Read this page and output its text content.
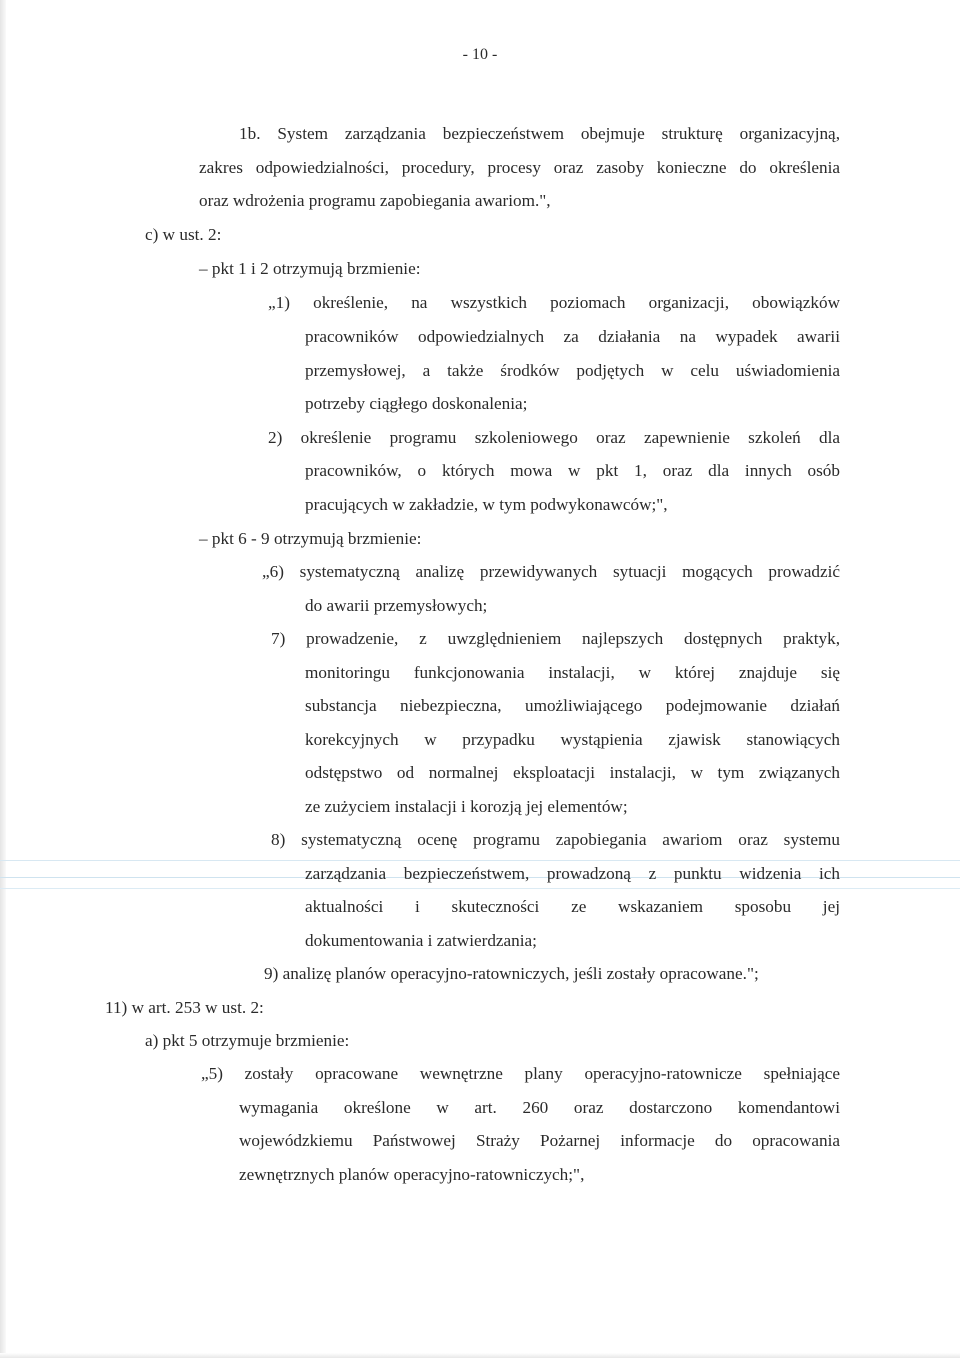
- 10 -
1b. System zarządzania bezpieczeństwem obejmuje strukturę organizacyjną,
zakres odpowiedzialności, procedury, procesy oraz zasoby konieczne do określenia
oraz wdrożenia programu zapobiegania awariom.",
c) w ust. 2:
– pkt 1 i 2 otrzymują brzmienie:
„1) określenie, na wszystkich poziomach organizacji, obowiązków
pracowników odpowiedzialnych za działania na wypadek awarii
przemysłowej, a także środków podjętych w celu uświadomienia
potrzeby ciągłego doskonalenia;
2) określenie programu szkoleniowego oraz zapewnienie szkoleń dla
pracowników, o których mowa w pkt 1, oraz dla innych osób
pracujących w zakładzie, w tym podwykonawców;",
– pkt 6 - 9 otrzymują brzmienie:
„6) systematyczną analizę przewidywanych sytuacji mogących prowadzić
do awarii przemysłowych;
7) prowadzenie, z uwzględnieniem najlepszych dostępnych praktyk,
monitoringu funkcjonowania instalacji, w której znajduje się
substancja niebezpieczna, umożliwiającego podejmowanie działań
korekcyjnych w przypadku wystąpienia zjawisk stanowiących
odstępstwo od normalnej eksploatacji instalacji, w tym związanych
ze zużyciem instalacji i korozją jej elementów;
8) systematyczną ocenę programu zapobiegania awariom oraz systemu
zarządzania bezpieczeństwem, prowadzoną z punktu widzenia ich
aktualności i skuteczności ze wskazaniem sposobu jej
dokumentowania i zatwierdzania;
9) analizę planów operacyjno-ratowniczych, jeśli zostały opracowane.";
11) w art. 253 w ust. 2:
a) pkt 5 otrzymuje brzmienie:
„5) zostały opracowane wewnętrzne plany operacyjno-ratownicze spełniające
wymagania określone w art. 260 oraz dostarczono komendantowi
wojewódzkiemu Państwowej Straży Pożarnej informacje do opracowania
zewnętrznych planów operacyjno-ratowniczych;",
